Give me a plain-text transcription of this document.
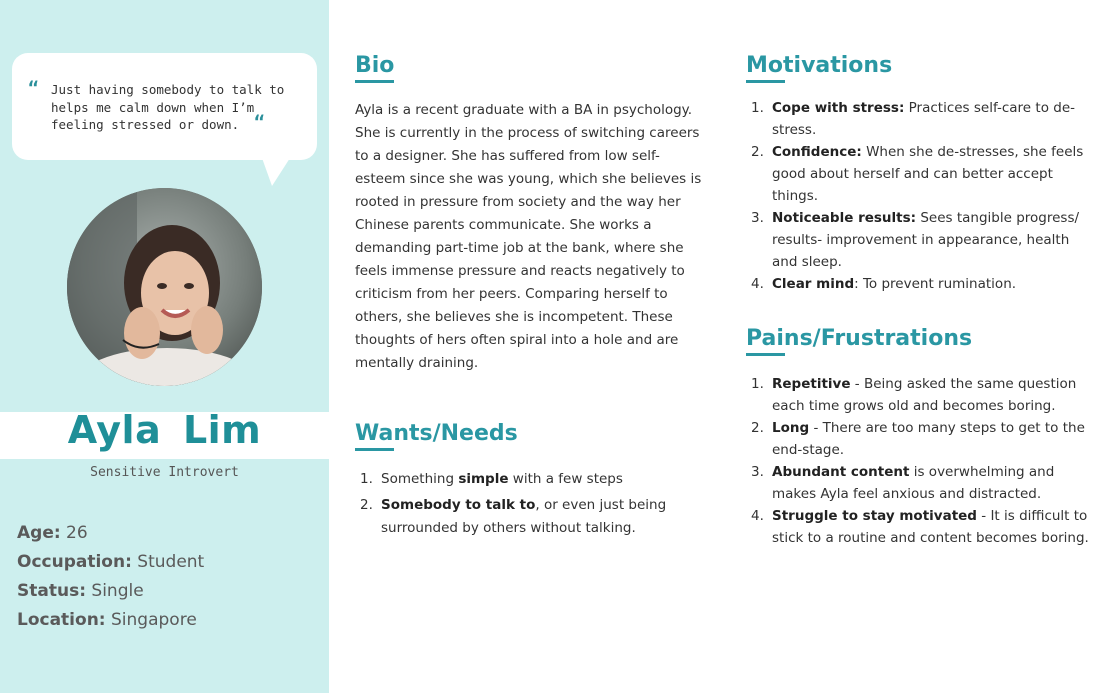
“ Just having somebody to talk to helps me calm down when I’m feeling stressed or down. “
Ayla Lim

Sensitive Introvert

Age: 26
Occupation: Student
Status: Single
Location: Singapore
Bio

Ayla is a recent graduate with a BA in psychology. She is currently in the process of switching careers to a designer. She has suffered from low self-esteem since she was young, which she believes is rooted in pressure from society and the way her Chinese parents communicate. She works a demanding part-time job at the bank, where she feels immense pressure and reacts negatively to criticism from her peers. Comparing herself to others, she believes she is incompetent. These thoughts of hers often spiral into a hole and are mentally draining.

Wants/Needs
1. Something simple with a few steps
2. Somebody to talk to, or even just being surrounded by others without talking.
Motivations
1. Cope with stress: Practices self-care to de-stress.
2. Confidence: When she de-stresses, she feels good about herself and can better accept things.
3. Noticeable results: Sees tangible progress/ results- improvement in appearance, health and sleep.
4. Clear mind: To prevent rumination.
Pains/Frustrations
1. Repetitive - Being asked the same question each time grows old and becomes boring.
2. Long - There are too many steps to get to the end-stage.
3. Abundant content is overwhelming and makes Ayla feel anxious and distracted.
4. Struggle to stay motivated - It is difficult to stick to a routine and content becomes boring.
